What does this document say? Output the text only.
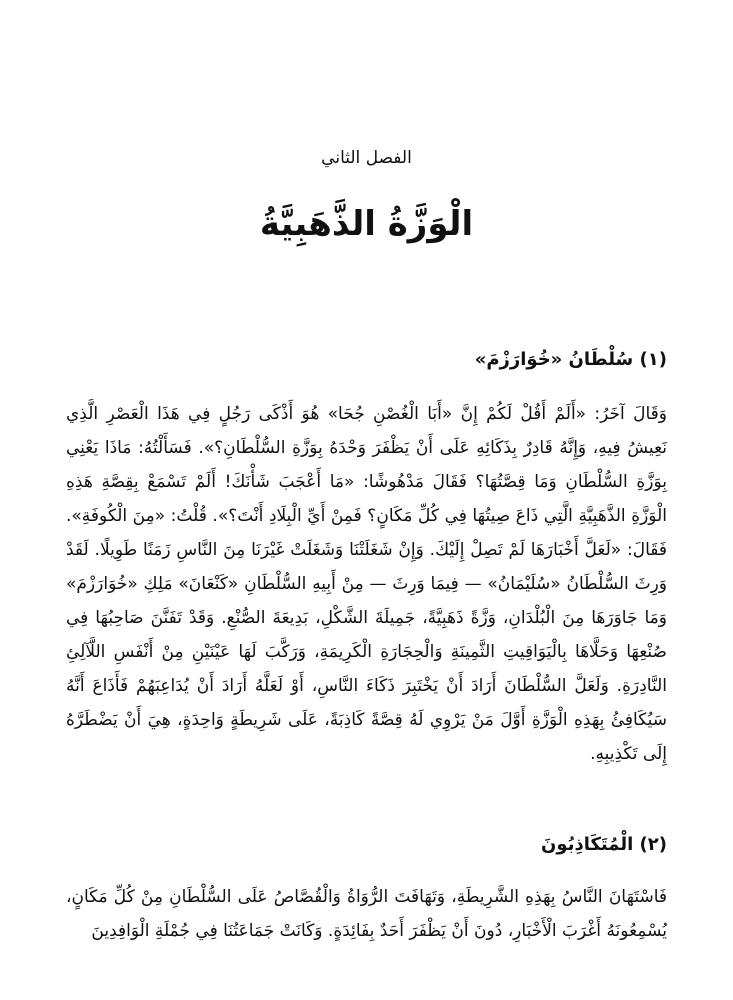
الفصل الثاني
الْوَزَّةُ الذَّهَبِيَّةُ
(١) سُلْطَانُ «خُوَارَزْمَ»

وَقَالَ آخَرُ: «أَلَمْ أَقُلْ لَكُمْ إِنَّ «أَبَا الْغُصْنِ جُحَا» هُوَ أَذْكَى رَجُلٍ فِي هَذَا الْعَصْرِ الَّذِي نَعِيشُ فِيهِ، وَإِنَّهُ قَادِرٌ بِذَكَائِهِ عَلَى أَنْ يَظْفَرَ وَحْدَهُ بِوَزَّةِ السُّلْطَانِ؟». فَسَأَلْتُهُ: مَاذَا يَعْنِي بِوَزَّةِ السُّلْطَانِ وَمَا قِصَّتُهَا؟ فَقَالَ مَدْهُوشًا: «مَا أَعْجَبَ شَأْنَكَ! أَلَمْ تَسْمَعْ بِقِصَّةِ هَذِهِ الْوَزَّةِ الذَّهَبِيَّةِ الَّتِي ذَاعَ صِيتُهَا فِي كُلِّ مَكَانٍ؟ فَمِنْ أَيِّ الْبِلَادِ أَنْتَ؟». قُلْتُ: «مِنَ الْكُوفَةِ». فَقَالَ: «لَعَلَّ أَخْبَارَهَا لَمْ تَصِلْ إِلَيْكَ. وَإِنْ شَغَلَتْنَا وَشَغَلَتْ غَيْرَنَا مِنَ النَّاسِ زَمَنًا طَوِيلًا. لَقَدْ وَرِثَ السُّلْطَانُ «سُلَيْمَانُ» — فِيمَا وَرِثَ — مِنْ أَبِيهِ السُّلْطَانِ «كَنْعَانَ» مَلِكِ «خُوَارَزْمَ» وَمَا جَاوَرَهَا مِنَ الْبُلْدَانِ، وَزَّةً ذَهَبِيَّةً، جَمِيلَةَ الشَّكْلِ، بَدِيعَةَ الصُّنْعِ. وَقَدْ تَفَنَّنَ صَاحِبُهَا فِي صُنْعِهَا وَحَلَّاهَا بِالْيَوَاقِيتِ الثَّمِينَةِ وَالْحِجَارَةِ الْكَرِيمَةِ، وَرَكَّبَ لَهَا عَيْنَيْنِ مِنْ أَنْفَسِ اللَّآلِئِ النَّادِرَةِ. وَلَعَلَّ السُّلْطَانَ أَرَادَ أَنْ يَخْتَبِرَ ذَكَاءَ النَّاسِ، أَوْ لَعَلَّهُ أَرَادَ أَنْ يُدَاعِبَهُمْ فَأَذَاعَ أَنَّهُ سَيُكَافِئُ بِهَذِهِ الْوَزَّةِ أَوَّلَ مَنْ يَرْوِي لَهُ قِصَّةً كَاذِبَةً، عَلَى شَرِيطَةٍ وَاحِدَةٍ، هِيَ أَنْ يَضْطَرَّهُ إِلَى تَكْذِيبِهِ.

(٢) الْمُتَكَاذِبُونَ

فَاسْتَهَانَ النَّاسُ بِهَذِهِ الشَّرِيطَةِ، وَتَهَافَتَ الرُّوَاةُ وَالْقُصَّاصُ عَلَى السُّلْطَانِ مِنْ كُلِّ مَكَانٍ، يُسْمِعُونَهُ أَغْرَبَ الْأَخْبَارِ، دُونَ أَنْ يَظْفَرَ أَحَدٌ بِفَائِدَةٍ. وَكَانَتْ جَمَاعَتُنَا فِي جُمْلَةِ الْوَافِدِينَ
